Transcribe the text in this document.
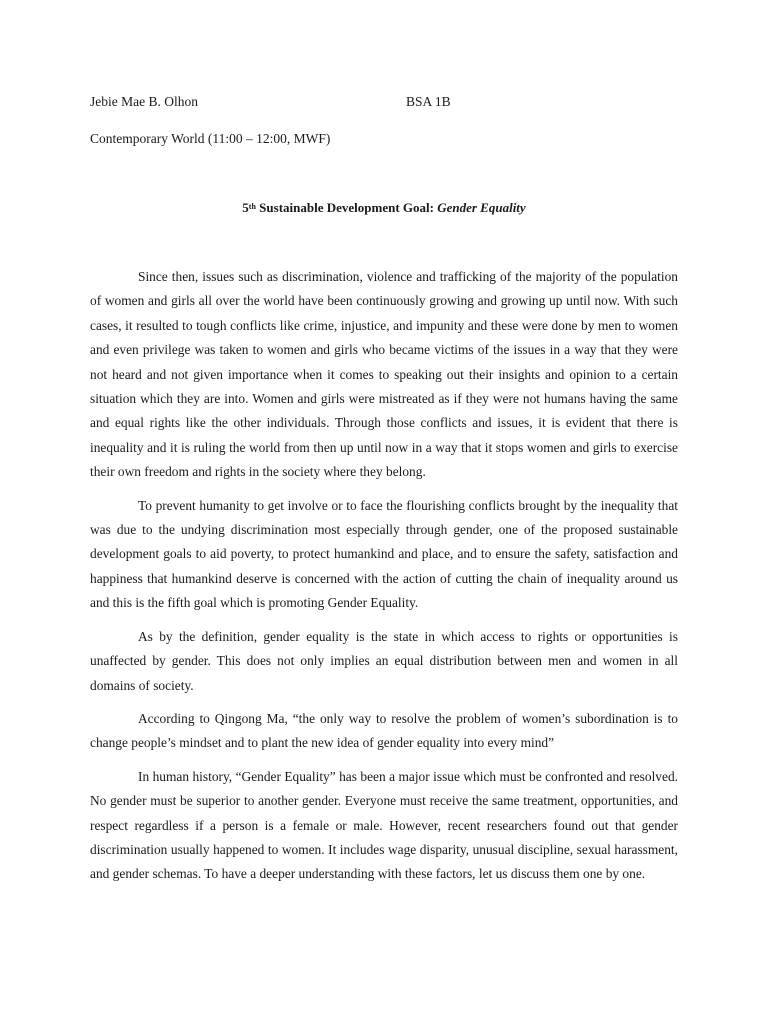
Jebie Mae B. Olhon	BSA 1B
Contemporary World (11:00 – 12:00, MWF)
5th Sustainable Development Goal: Gender Equality

Since then, issues such as discrimination, violence and trafficking of the majority of the population of women and girls all over the world have been continuously growing and growing up until now. With such cases, it resulted to tough conflicts like crime, injustice, and impunity and these were done by men to women and even privilege was taken to women and girls who became victims of the issues in a way that they were not heard and not given importance when it comes to speaking out their insights and opinion to a certain situation which they are into. Women and girls were mistreated as if they were not humans having the same and equal rights like the other individuals. Through those conflicts and issues, it is evident that there is inequality and it is ruling the world from then up until now in a way that it stops women and girls to exercise their own freedom and rights in the society where they belong.

To prevent humanity to get involve or to face the flourishing conflicts brought by the inequality that was due to the undying discrimination most especially through gender, one of the proposed sustainable development goals to aid poverty, to protect humankind and place, and to ensure the safety, satisfaction and happiness that humankind deserve is concerned with the action of cutting the chain of inequality around us and this is the fifth goal which is promoting Gender Equality.

As by the definition, gender equality is the state in which access to rights or opportunities is unaffected by gender. This does not only implies an equal distribution between men and women in all domains of society.

According to Qingong Ma, “the only way to resolve the problem of women’s subordination is to change people’s mindset and to plant the new idea of gender equality into every mind”

In human history, “Gender Equality” has been a major issue which must be confronted and resolved. No gender must be superior to another gender. Everyone must receive the same treatment, opportunities, and respect regardless if a person is a female or male. However, recent researchers found out that gender discrimination usually happened to women. It includes wage disparity, unusual discipline, sexual harassment, and gender schemas. To have a deeper understanding with these factors, let us discuss them one by one.
